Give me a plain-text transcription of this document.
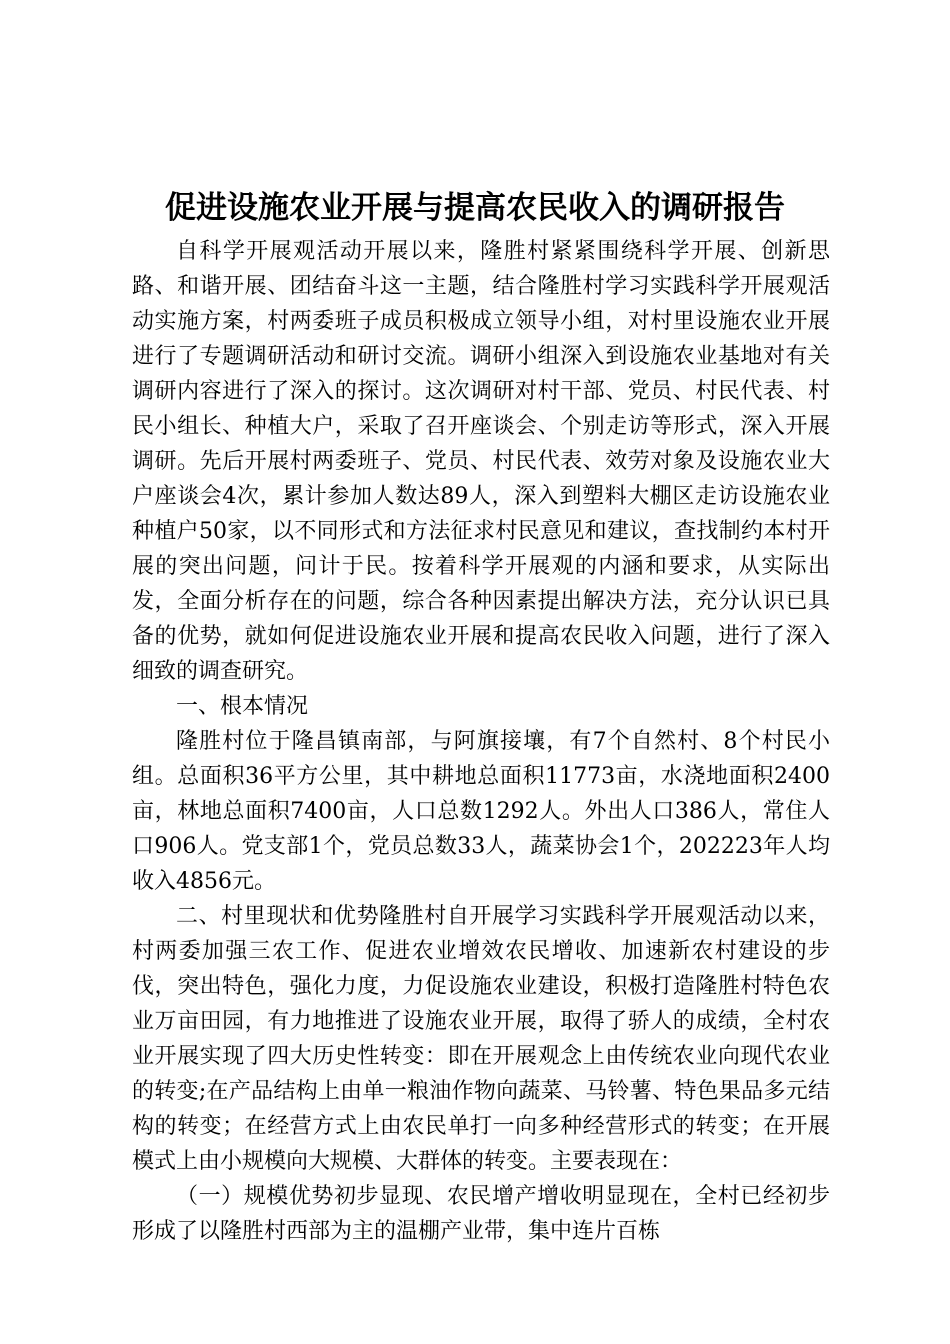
促进设施农业开展与提高农民收入的调研报告

自科学开展观活动开展以来，隆胜村紧紧围绕科学开展、创新思路、和谐开展、团结奋斗这一主题，结合隆胜村学习实践科学开展观活动实施方案，村两委班子成员积极成立领导小组，对村里设施农业开展进行了专题调研活动和研讨交流。调研小组深入到设施农业基地对有关调研内容进行了深入的探讨。这次调研对村干部、党员、村民代表、村民小组长、种植大户，采取了召开座谈会、个别走访等形式，深入开展调研。先后开展村两委班子、党员、村民代表、效劳对象及设施农业大户座谈会4次，累计参加人数达89人，深入到塑料大棚区走访设施农业种植户50家，以不同形式和方法征求村民意见和建议，查找制约本村开展的突出问题，问计于民。按着科学开展观的内涵和要求，从实际出发，全面分析存在的问题，综合各种因素提出解决方法，充分认识已具备的优势，就如何促进设施农业开展和提高农民收入问题，进行了深入细致的调查研究。

一、根本情况

隆胜村位于隆昌镇南部，与阿旗接壤，有7个自然村、8个村民小组。总面积36平方公里，其中耕地总面积11773亩，水浇地面积2400亩，林地总面积7400亩，人口总数1292人。外出人口386人，常住人口906人。党支部1个，党员总数33人，蔬菜协会1个，202223年人均收入4856元。

二、村里现状和优势隆胜村自开展学习实践科学开展观活动以来，村两委加强三农工作、促进农业增效农民增收、加速新农村建设的步伐，突出特色，强化力度，力促设施农业建设，积极打造隆胜村特色农业万亩田园，有力地推进了设施农业开展，取得了骄人的成绩，全村农业开展实现了四大历史性转变：即在开展观念上由传统农业向现代农业的转变;在产品结构上由单一粮油作物向蔬菜、马铃薯、特色果品多元结构的转变；在经营方式上由农民单打一向多种经营形式的转变；在开展模式上由小规模向大规模、大群体的转变。主要表现在：

（一）规模优势初步显现、农民增产增收明显现在，全村已经初步形成了以隆胜村西部为主的温棚产业带，集中连片百栋
